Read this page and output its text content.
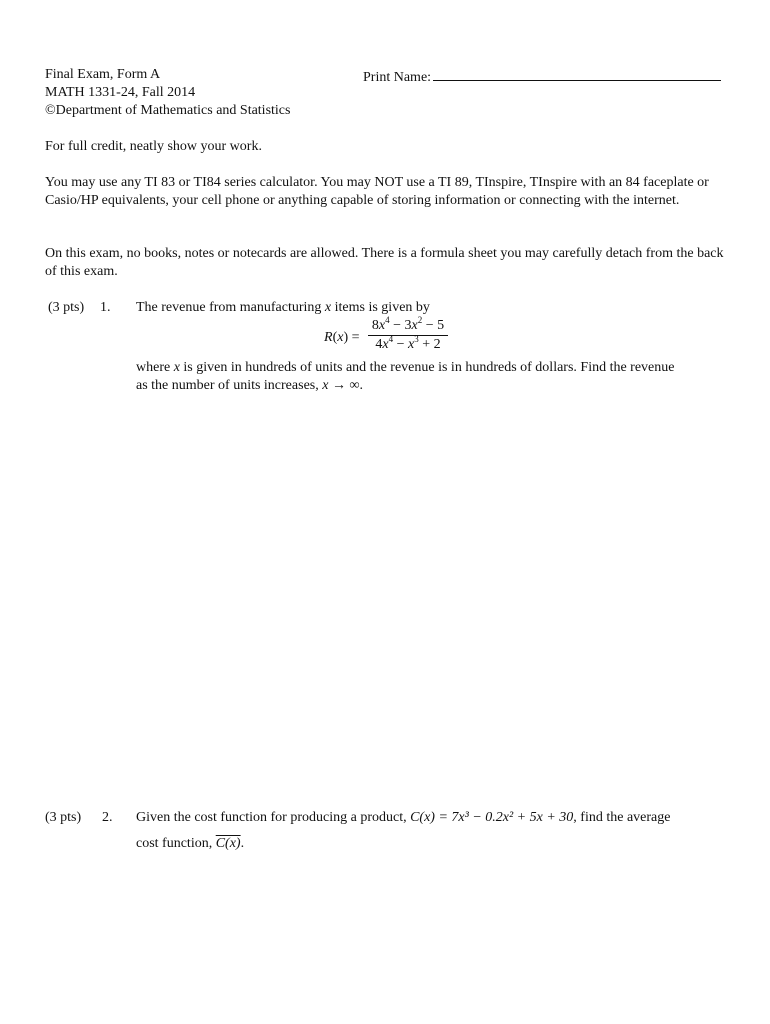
Final Exam, Form A
MATH 1331-24, Fall 2014
©Department of Mathematics and Statistics
Print Name:
For full credit, neatly show your work.
You may use any TI 83 or TI84 series calculator. You may NOT use a TI 89, TInspire, TInspire with an 84 faceplate or Casio/HP equivalents, your cell phone or anything capable of storing information or connecting with the internet.
On this exam, no books, notes or notecards are allowed. There is a formula sheet you may carefully detach from the back of this exam.
(3 pts) 1. The revenue from manufacturing x items is given by
R(x) =
$8x^4 - 3x^2 - 5$
$4x^4 - x^3 + 2$
where x is given in hundreds of units and the revenue is in hundreds of dollars. Find the revenue
as the number of units increases, x → ∞.
(3 pts) 2. Given the cost function for producing a product, C(x) = 7x³ − 0.2x² + 5x + 30, find the average
cost function, C(x).
